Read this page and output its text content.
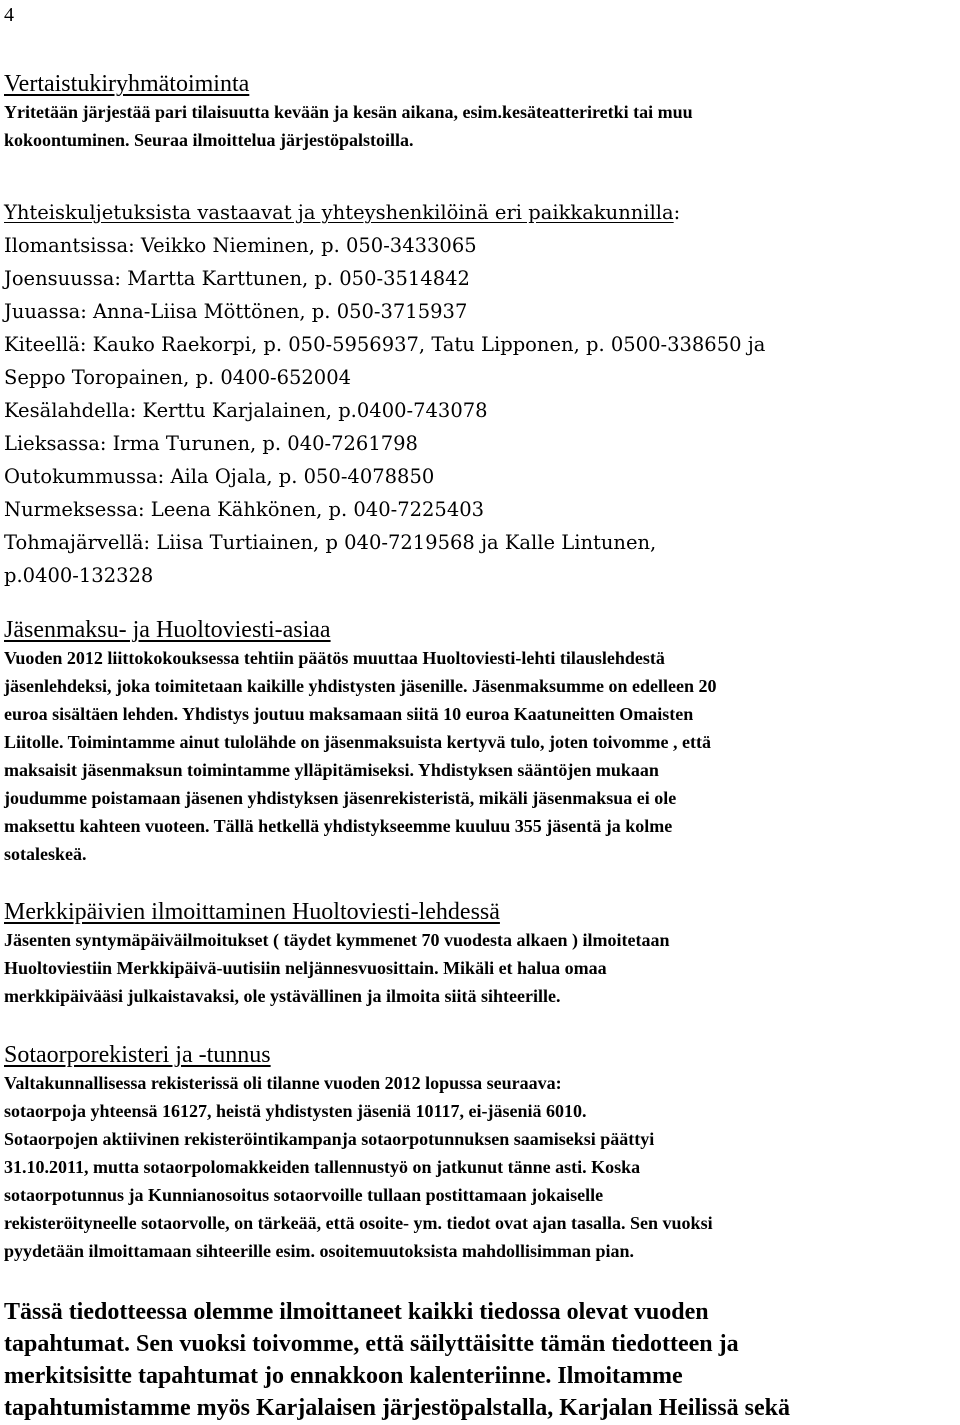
4
Vertaistukiryhmätoiminta
Yritetään järjestää pari tilaisuutta kevään ja kesän aikana, esim.kesäteatteriretki tai muu
kokoontuminen. Seuraa ilmoittelua järjestöpalstoilla.
Yhteiskuljetuksista vastaavat ja yhteyshenkilöinä eri paikkakunnilla:
Ilomantsissa: Veikko Nieminen, p. 050-3433065
Joensuussa: Martta Karttunen, p. 050-3514842
Juuassa: Anna-Liisa Möttönen, p. 050-3715937
Kiteellä: Kauko Raekorpi, p. 050-5956937, Tatu Lipponen, p. 0500-338650 ja
Seppo Toropainen, p. 0400-652004
Kesälahdella: Kerttu Karjalainen, p.0400-743078
Lieksassa: Irma Turunen, p. 040-7261798
Outokummussa: Aila Ojala, p. 050-4078850
Nurmeksessa: Leena Kähkönen, p. 040-7225403
Tohmajärvellä: Liisa Turtiainen, p 040-7219568 ja Kalle Lintunen,
p.0400-132328
Jäsenmaksu- ja Huoltoviesti-asiaa
Vuoden 2012 liittokokouksessa tehtiin päätös muuttaa Huoltoviesti-lehti tilauslehdestä
jäsenlehdeksi, joka toimitetaan kaikille yhdistysten jäsenille. Jäsenmaksumme on edelleen 20
euroa sisältäen lehden. Yhdistys joutuu maksamaan siitä 10 euroa Kaatuneitten Omaisten
Liitolle. Toimintamme ainut tulolähde on jäsenmaksuista kertyvä tulo, joten toivomme , että
maksaisit jäsenmaksun toimintamme ylläpitämiseksi. Yhdistyksen sääntöjen mukaan
joudumme poistamaan jäsenen yhdistyksen jäsenrekisteristä, mikäli jäsenmaksua ei ole
maksettu kahteen vuoteen. Tällä hetkellä yhdistykseemme kuuluu 355 jäsentä ja kolme
sotaleskeä.
Merkkipäivien ilmoittaminen Huoltoviesti-lehdessä
Jäsenten syntymäpäiväilmoitukset ( täydet kymmenet 70 vuodesta alkaen ) ilmoitetaan
Huoltoviestiin Merkkipäivä-uutisiin neljännesvuosittain. Mikäli et halua omaa
merkkipäivääsi julkaistavaksi, ole ystävällinen ja ilmoita siitä sihteerille.
Sotaorporekisteri ja -tunnus
Valtakunnallisessa rekisterissä oli tilanne vuoden 2012 lopussa seuraava:
sotaorpoja yhteensä 16127, heistä yhdistysten jäseniä 10117, ei-jäseniä 6010.
Sotaorpojen aktiivinen rekisteröintikampanja sotaorpotunnuksen saamiseksi päättyi
31.10.2011, mutta sotaorpolomakkeiden tallennustyö on jatkunut tänne asti. Koska
sotaorpotunnus ja Kunnianosoitus sotaorvoille tullaan postittamaan jokaiselle
rekisteröityneelle sotaorvolle, on tärkeää, että osoite- ym. tiedot ovat ajan tasalla. Sen vuoksi
pyydetään ilmoittamaan sihteerille esim. osoitemuutoksista mahdollisimman pian.
Tässä tiedotteessa olemme ilmoittaneet kaikki tiedossa olevat vuoden
tapahtumat. Sen vuoksi toivomme, että säilyttäisitte tämän tiedotteen ja
merkitsisitte tapahtumat jo ennakkoon kalenteriinne. Ilmoitamme
tapahtumistamme myös Karjalaisen järjestöpalstalla, Karjalan Heilissä sekä
